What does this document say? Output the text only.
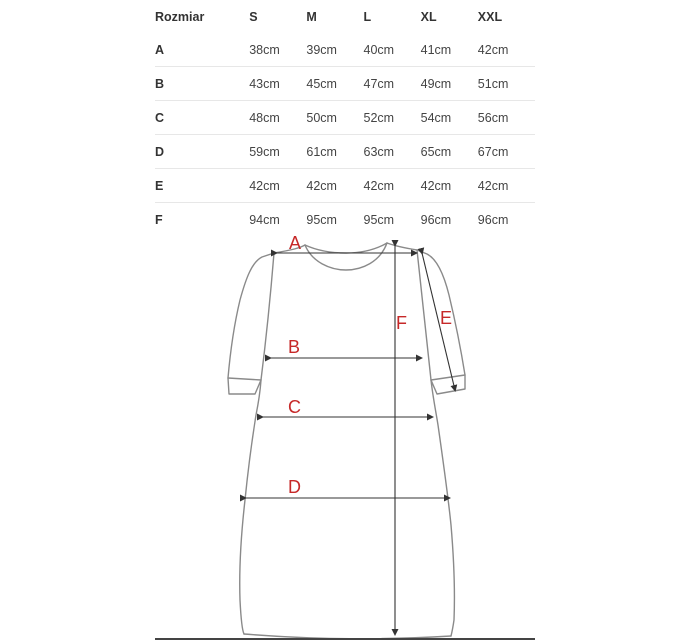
Rozmiar	S	M	L	XL	XXL
A	38cm	39cm	40cm	41cm	42cm
B	43cm	45cm	47cm	49cm	51cm
C	48cm	50cm	52cm	54cm	56cm
D	59cm	61cm	63cm	65cm	67cm
E	42cm	42cm	42cm	42cm	42cm
F	94cm	95cm	95cm	96cm	96cm
A
B
C
D
F E
